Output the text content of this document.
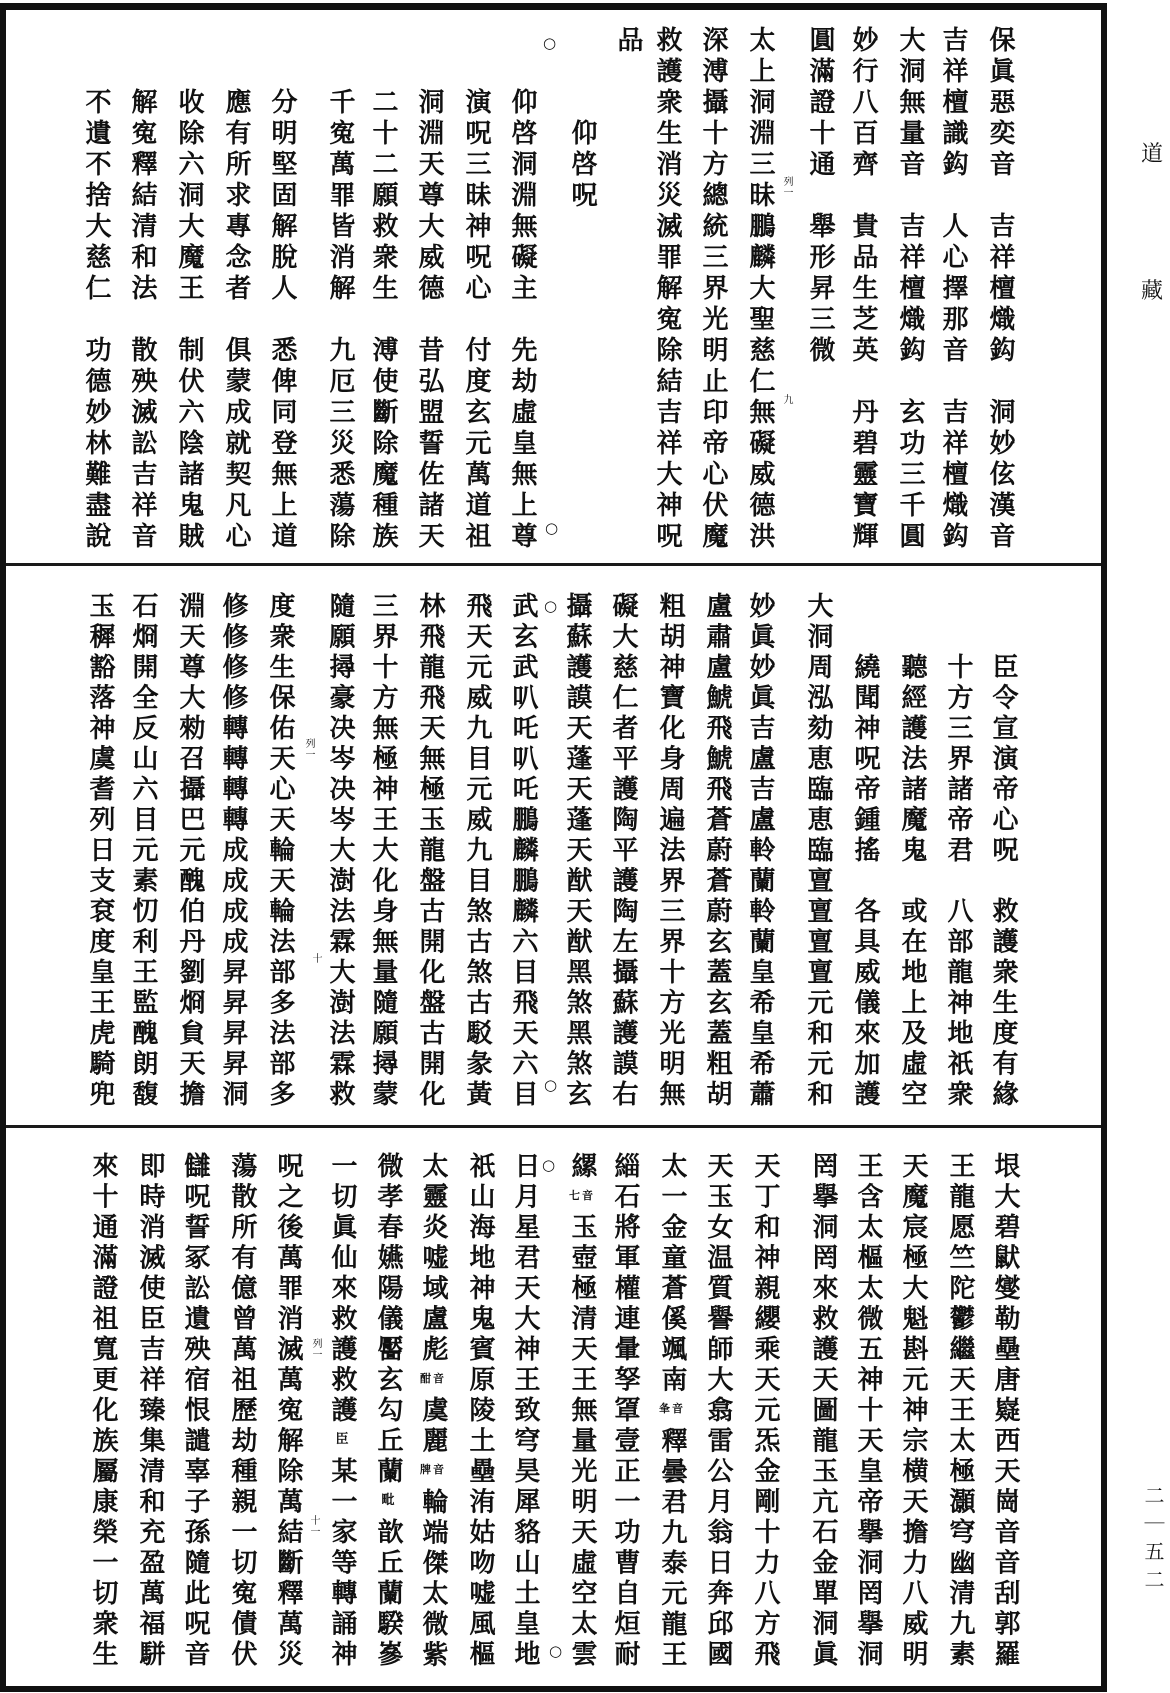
保眞惡奕音
吉祥檀熾鈎
洞妙伭漢音
吉祥檀識鈎
人心擇那音
吉祥檀熾鈎
大洞無量音
吉祥檀熾鈎
玄功三千圓
妙行八百齊
貴品生芝英
丹碧靈寶輝
圓滿證十通
舉形昇三微
列一
九
太上洞淵三昧鵬麟大聖慈仁無礙威德洪
深溥攝十方總統三界光明止印帝心伏魔
救護衆生消災滅罪解寃除結吉祥大神呪
品
仰啓呪
○
○
仰啓洞淵無礙主
先劫虛皇無上尊
演呪三昧神呪心
付度玄元萬道祖
洞淵天尊大威德
昔弘盟誓佐諸天
二十二願救衆生
溥使斷除魔種族
千寃萬罪皆消解
九厄三災悉蕩除
分明堅固解脫人
悉俾同登無上道
應有所求專念者
俱蒙成就契凡心
收除六洞大魔王
制伏六陰諸鬼賊
解寃釋結清和法
散殃滅訟吉祥音
不遺不捨大慈仁
功德妙林難盡說
臣令宣演帝心呪
救護衆生度有緣
十方三界諸帝君
八部龍神地祇衆
聽經護法諸魔鬼
或在地上及虛空
繞聞神呪帝鍾搖
各具威儀來加護
大洞周泓劾恵臨恵臨亶亶亶亶元和元和
妙眞妙眞吉盧吉盧軨蘭軨蘭皇希皇希蕭
盧肅盧鯱飛鯱飛蒼蔚蒼蔚玄蓋玄蓋粗胡
粗胡神寶化身周遍法界三界十方光明無
礙大慈仁者平護陶平護陶左攝蘇護謨右
攝蘇護謨天蓬天蓬天猷天猷黑煞黑煞玄
○
○
武玄武叭吒叭吒鵬麟鵬麟六目飛天六目
飛天元威九目元威九目煞古煞古駁彖黃
林飛龍飛天無極玉龍盤古開化盤古開化
三界十方無極神王大化身無量隨願撏蒙
隨願撏豪决岑决岑大澍法霖大澍法霖救
列一
十
度衆生保佑天心天輪天輪法部多法部多
修修修修轉轉轉轉成成成成昇昇昇昇洞
淵天尊大勑召攝巴元醜伯丹劉烱貟天擔
石烱開全反山六目元素忉利王監醜朗馥
玉穉豁落神虞耆列日支袞度皇王虎騎兜
垠大碧鼣燮勒壘唐嶷西天崗音音刮郭羅
王龍愿竺陀鬱繼天王太極灝穹幽清九素
天魔宸極大魁斟元神宗横天擔力八威明
王含太樞太微五神十天皇帝擧洞罔擧洞
罔擧洞罔來救護天圖龍玉亢石金單洞眞
天丁和神親纓乘天元炁金剛十力八方飛
天玉女温質譽師大翕雷公月翁日奔邱國
太一金童蒼傒颯南
夆音
釋曇君九泰元龍王
緇石將軍權連暈孥𦋐壹正一功曹自烜耐
縲
七音
玉壺極清天王無量光明天虛空太雲
○
○
日月星君天大神王致穹昊犀貉山土皇地
祇山海地神鬼賓原陵土壘洧姑吻嘘風樞
太靈炎嘘域盧彪
酣音
虞麗
牌音
輪端傑太微紫
微孝春嬿陽儀靨玄勾丘蘭
毗
歆丘蘭騤嵾
一切眞仙來救護救護
臣
某一家等轉誦神
列一
十一
呪之後萬罪消滅萬寃解除萬結斷釋萬災
蕩散所有億曾萬祖歷劫種親一切寃債伏
讎呪誓冢訟遺殃宿恨譴辜子孫隨此呪音
即時消滅使臣吉祥臻集清和充盈萬福駢
來十通滿證祖寬更化族屬康榮一切衆生
道
藏
二｜五二
